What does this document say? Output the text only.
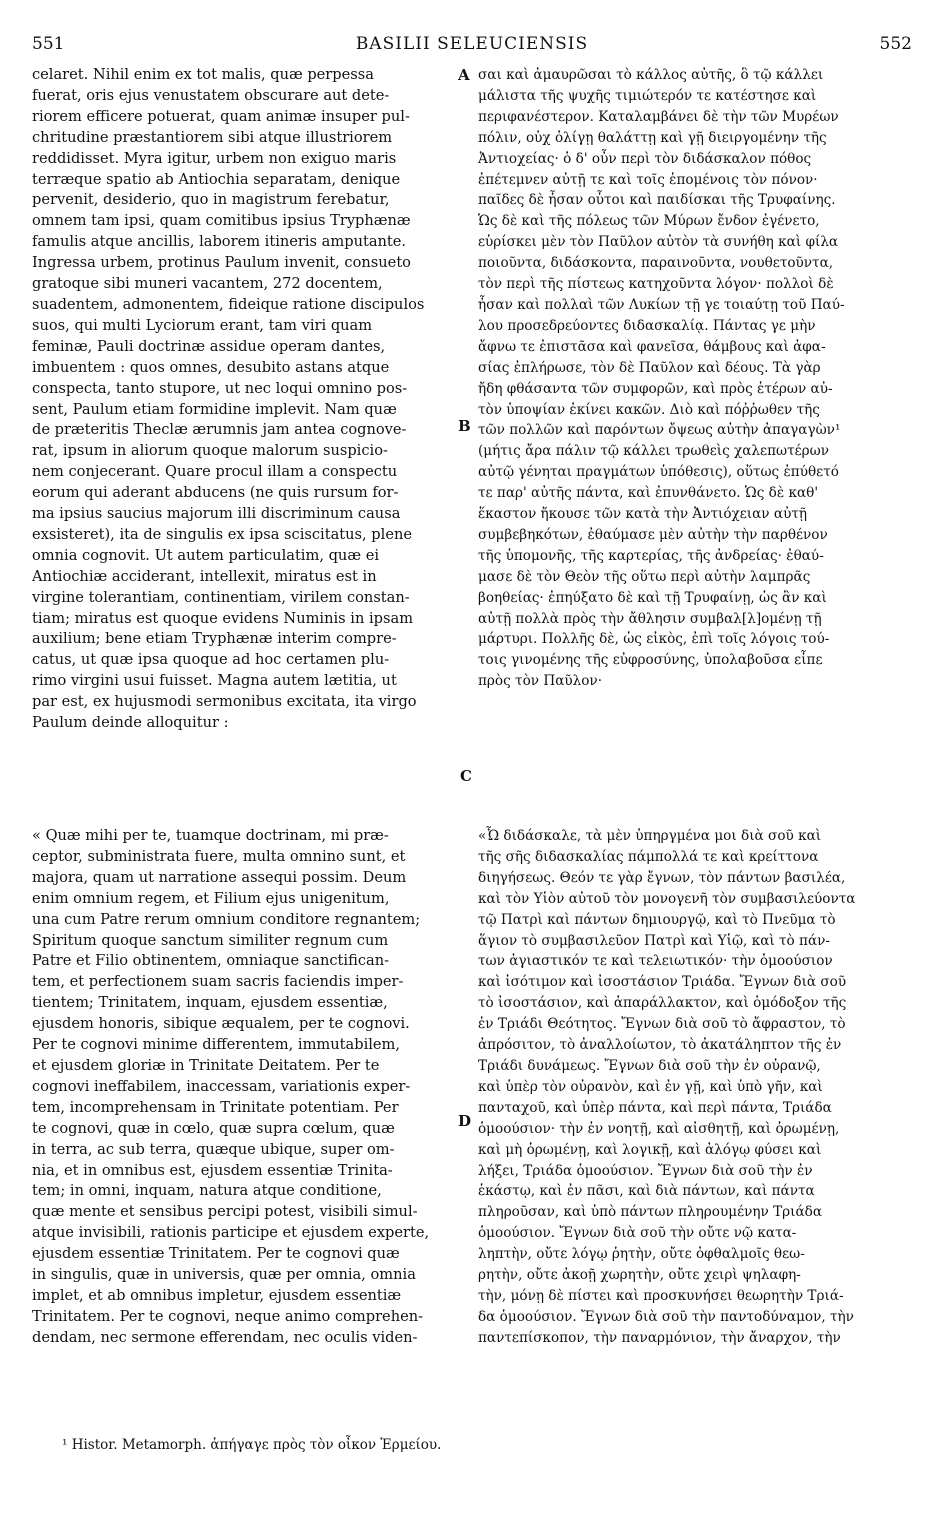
551	BASILII SELEUCIENSIS	552
celaret. Nihil enim ex tot malis, quæ perpessa
fuerat, oris ejus venustatem obscurare aut dete-
riorem efficere potuerat, quam animæ insuper pul-
chritudine præstantiorem sibi atque illustriorem
reddidisset. Myra igitur, urbem non exiguo maris
terræque spatio ab Antiochia separatam, denique
pervenit, desiderio, quo in magistrum ferebatur,
omnem tam ipsi, quam comitibus ipsius Tryphænæ
famulis atque ancillis, laborem itineris amputante.
Ingressa urbem, protinus Paulum invenit, consueto
gratoque sibi muneri vacantem, 272 docentem,
suadentem, admonentem, fideique ratione discipulos
suos, qui multi Lyciorum erant, tam viri quam
feminæ, Pauli doctrinæ assidue operam dantes,
imbuentem : quos omnes, desubito astans atque
conspecta, tanto stupore, ut nec loqui omnino pos-
sent, Paulum etiam formidine implevit. Nam quæ
de præteritis Theclæ ærumnis jam antea cognove-
rat, ipsum in aliorum quoque malorum suspicio-
nem conjecerant. Quare procul illam a conspectu
eorum qui aderant abducens (ne quis rursum for-
ma ipsius saucius majorum illi discriminum causa
exsisteret), ita de singulis ex ipsa sciscitatus, plene
omnia cognovit. Ut autem particulatim, quæ ei
Antiochiæ acciderant, intellexit, miratus est in
virgine tolerantiam, continentiam, virilem constan-
tiam; miratus est quoque evidens Numinis in ipsam
auxilium; bene etiam Tryphænæ interim compre-
catus, ut quæ ipsa quoque ad hoc certamen plu-
rimo virgini usui fuisset. Magna autem lætitia, ut
par est, ex hujusmodi sermonibus excitata, ita virgo
Paulum deinde alloquitur :
« Quæ mihi per te, tuamque doctrinam, mi præ-
ceptor, subministrata fuere, multa omnino sunt, et
majora, quam ut narratione assequi possim. Deum
enim omnium regem, et Filium ejus unigenitum,
una cum Patre rerum omnium conditore regnantem;
Spiritum quoque sanctum similiter regnum cum
Patre et Filio obtinentem, omniaque sanctifican-
tem, et perfectionem suam sacris faciendis imper-
tientem; Trinitatem, inquam, ejusdem essentiæ,
ejusdem honoris, sibique æqualem, per te cognovi.
Per te cognovi minime differentem, immutabilem,
et ejusdem gloriæ in Trinitate Deitatem. Per te
cognovi ineffabilem, inaccessam, variationis exper-
tem, incomprehensam in Trinitate potentiam. Per
te cognovi, quæ in cœlo, quæ supra cœlum, quæ
in terra, ac sub terra, quæque ubique, super om-
nia, et in omnibus est, ejusdem essentiæ Trinita-
tem; in omni, inquam, natura atque conditione,
quæ mente et sensibus percipi potest, visibili simul-
atque invisibili, rationis participe et ejusdem experte,
ejusdem essentiæ Trinitatem. Per te cognovi quæ
in singulis, quæ in universis, quæ per omnia, omnia
implet, et ab omnibus impletur, ejusdem essentiæ
Trinitatem. Per te cognovi, neque animo comprehen-
dendam, nec sermone efferendam, nec oculis viden-
σαι καὶ ἀμαυρῶσαι τὸ κάλλος αὐτῆς, ὃ τῷ κάλλει
μάλιστα τῆς ψυχῆς τιμιώτερόν τε κατέστησε καὶ
περιφανέστερον. Καταλαμβάνει δὲ τὴν τῶν Μυρέων
πόλιν, οὐχ ὀλίγῃ θαλάττῃ καὶ γῇ διειργομένην τῆς
Ἀντιοχείας· ὁ δ' οὖν περὶ τὸν διδάσκαλον πόθος
ἐπέτεμνεν αὐτῇ τε καὶ τοῖς ἑπομένοις τὸν πόνον·
παῖδες δὲ ἦσαν οὗτοι καὶ παιδίσκαι τῆς Τρυφαίνης.
Ὡς δὲ καὶ τῆς πόλεως τῶν Μύρων ἔνδον ἐγένετο,
εὑρίσκει μὲν τὸν Παῦλον αὐτὸν τὰ συνήθη καὶ φίλα
ποιοῦντα, διδάσκοντα, παραινοῦντα, νουθετοῦντα,
τὸν περὶ τῆς πίστεως κατηχοῦντα λόγον· πολλοὶ δὲ
ἦσαν καὶ πολλαὶ τῶν Λυκίων τῇ γε τοιαύτῃ τοῦ Παύ-
λου προσεδρεύοντες διδασκαλίᾳ. Πάντας γε μὴν
ἄφνω τε ἐπιστᾶσα καὶ φανεῖσα, θάμβους καὶ ἀφα-
σίας ἐπλήρωσε, τὸν δὲ Παῦλον καὶ δέους. Τὰ γὰρ
ἤδη φθάσαντα τῶν συμφορῶν, καὶ πρὸς ἑτέρων αὐ-
τὸν ὑποψίαν ἐκίνει κακῶν. Διὸ καὶ πόῤῥωθεν τῆς
τῶν πολλῶν καὶ παρόντων ὄψεως αὐτὴν ἀπαγαγὼν¹
(μήτις ἄρα πάλιν τῷ κάλλει τρωθεὶς χαλεπωτέρων
αὐτῷ γένηται πραγμάτων ὑπόθεσις), οὕτως ἐπύθετό
τε παρ' αὐτῆς πάντα, καὶ ἐπυνθάνετο. Ὡς δὲ καθ'
ἕκαστον ἤκουσε τῶν κατὰ τὴν Ἀντιόχειαν αὐτῇ
συμβεβηκότων, ἐθαύμασε μὲν αὐτὴν τὴν παρθένον
τῆς ὑπομονῆς, τῆς καρτερίας, τῆς ἀνδρείας· ἐθαύ-
μασε δὲ τὸν Θεὸν τῆς οὕτω περὶ αὐτὴν λαμπρᾶς
βοηθείας· ἐπηύξατο δὲ καὶ τῇ Τρυφαίνῃ, ὡς ἂν καὶ
αὐτῇ πολλὰ πρὸς τὴν ἄθλησιν συμβαλ[λ]ομένῃ τῇ
μάρτυρι. Πολλῆς δὲ, ὡς εἰκὸς, ἐπὶ τοῖς λόγοις τού-
τοις γινομένης τῆς εὐφροσύνης, ὑπολαβοῦσα εἶπε
πρὸς τὸν Παῦλον·
«Ὦ διδάσκαλε, τὰ μὲν ὑπηργμένα μοι διὰ σοῦ καὶ
τῆς σῆς διδασκαλίας πάμπολλά τε καὶ κρείττονα
διηγήσεως. Θεόν τε γὰρ ἔγνων, τὸν πάντων βασιλέα,
καὶ τὸν Υἱὸν αὐτοῦ τὸν μονογενῆ τὸν συμβασιλεύοντα
τῷ Πατρὶ καὶ πάντων δημιουργῷ, καὶ τὸ Πνεῦμα τὸ
ἅγιον τὸ συμβασιλεῦον Πατρὶ καὶ Υἱῷ, καὶ τὸ πάν-
των ἁγιαστικόν τε καὶ τελειωτικόν· τὴν ὁμοούσιον
καὶ ἰσότιμον καὶ ἰσοστάσιον Τριάδα. Ἔγνων διὰ σοῦ
τὸ ἰσοστάσιον, καὶ ἀπαράλλακτον, καὶ ὁμόδοξον τῆς
ἐν Τριάδι Θεότητος. Ἔγνων διὰ σοῦ τὸ ἄφραστον, τὸ
ἀπρόσιτον, τὸ ἀναλλοίωτον, τὸ ἀκατάληπτον τῆς ἐν
Τριάδι δυνάμεως. Ἔγνων διὰ σοῦ τὴν ἐν οὐρανῷ,
καὶ ὑπὲρ τὸν οὐρανὸν, καὶ ἐν γῇ, καὶ ὑπὸ γῆν, καὶ
πανταχοῦ, καὶ ὑπὲρ πάντα, καὶ περὶ πάντα, Τριάδα
ὁμοούσιον· τὴν ἐν νοητῇ, καὶ αἰσθητῇ, καὶ ὁρωμένῃ,
καὶ μὴ ὁρωμένῃ, καὶ λογικῇ, καὶ ἀλόγῳ φύσει καὶ
λήξει, Τριάδα ὁμοούσιον. Ἔγνων διὰ σοῦ τὴν ἐν
ἑκάστῳ, καὶ ἐν πᾶσι, καὶ διὰ πάντων, καὶ πάντα
πληροῦσαν, καὶ ὑπὸ πάντων πληρουμένην Τριάδα
ὁμοούσιον. Ἔγνων διὰ σοῦ τὴν οὔτε νῷ κατα-
ληπτὴν, οὔτε λόγῳ ῥητὴν, οὔτε ὀφθαλμοῖς θεω-
ρητὴν, οὔτε ἀκοῇ χωρητὴν, οὔτε χειρὶ ψηλαφη-
τὴν, μόνῃ δὲ πίστει καὶ προσκυνήσει θεωρητὴν Τριά-
δα ὁμοούσιον. Ἔγνων διὰ σοῦ τὴν παντοδύναμον, τὴν
παντεπίσκοπον, τὴν παναρμόνιον, τὴν ἄναρχον, τὴν
A
B
C
D
¹ Histor. Metamorph. ἀπήγαγε πρὸς τὸν οἶκον Ἑρμείου.
